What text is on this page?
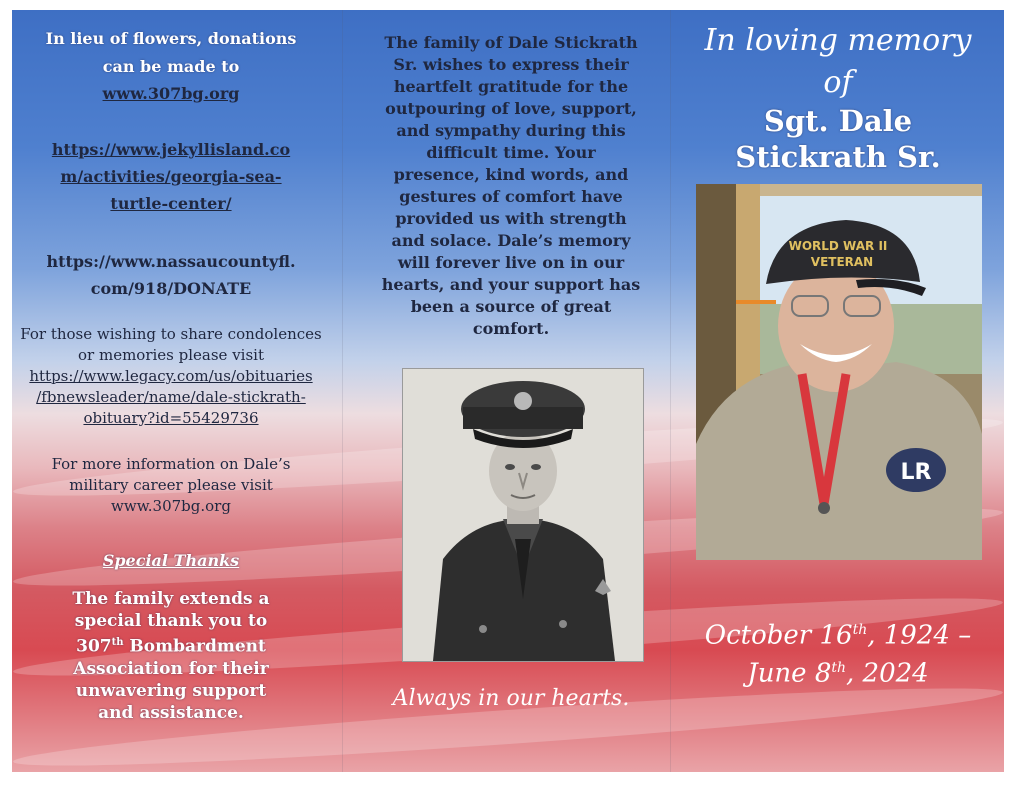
In lieu of flowers, donations
can be made to
www.307bg.org
https://www.jekyllisland.co
m/activities/georgia-sea-
turtle-center/
https://www.nassaucountyfl.
com/918/DONATE
For those wishing to share condolences
or memories please visit
https://www.legacy.com/us/obituaries
/fbnewsleader/name/dale-stickrath-
obituary?id=55429736
For more information on Dale’s
military career please visit
www.307bg.org
Special Thanks
The family extends a
special thank you to
307th Bombardment
Association for their
unwavering support
and assistance.
The family of Dale Stickrath
Sr. wishes to express their
heartfelt gratitude for the
outpouring of love, support,
and sympathy during this
difficult time. Your
presence, kind words, and
gestures of comfort have
provided us with strength
and solace. Dale’s memory
will forever live on in our
hearts, and your support has
been a source of great
comfort.
Always in our hearts.
In loving memory
of
Sgt. Dale
Stickrath Sr.
WORLD WAR II
VETERAN
LR
October 16th, 1924 –
June 8th, 2024
